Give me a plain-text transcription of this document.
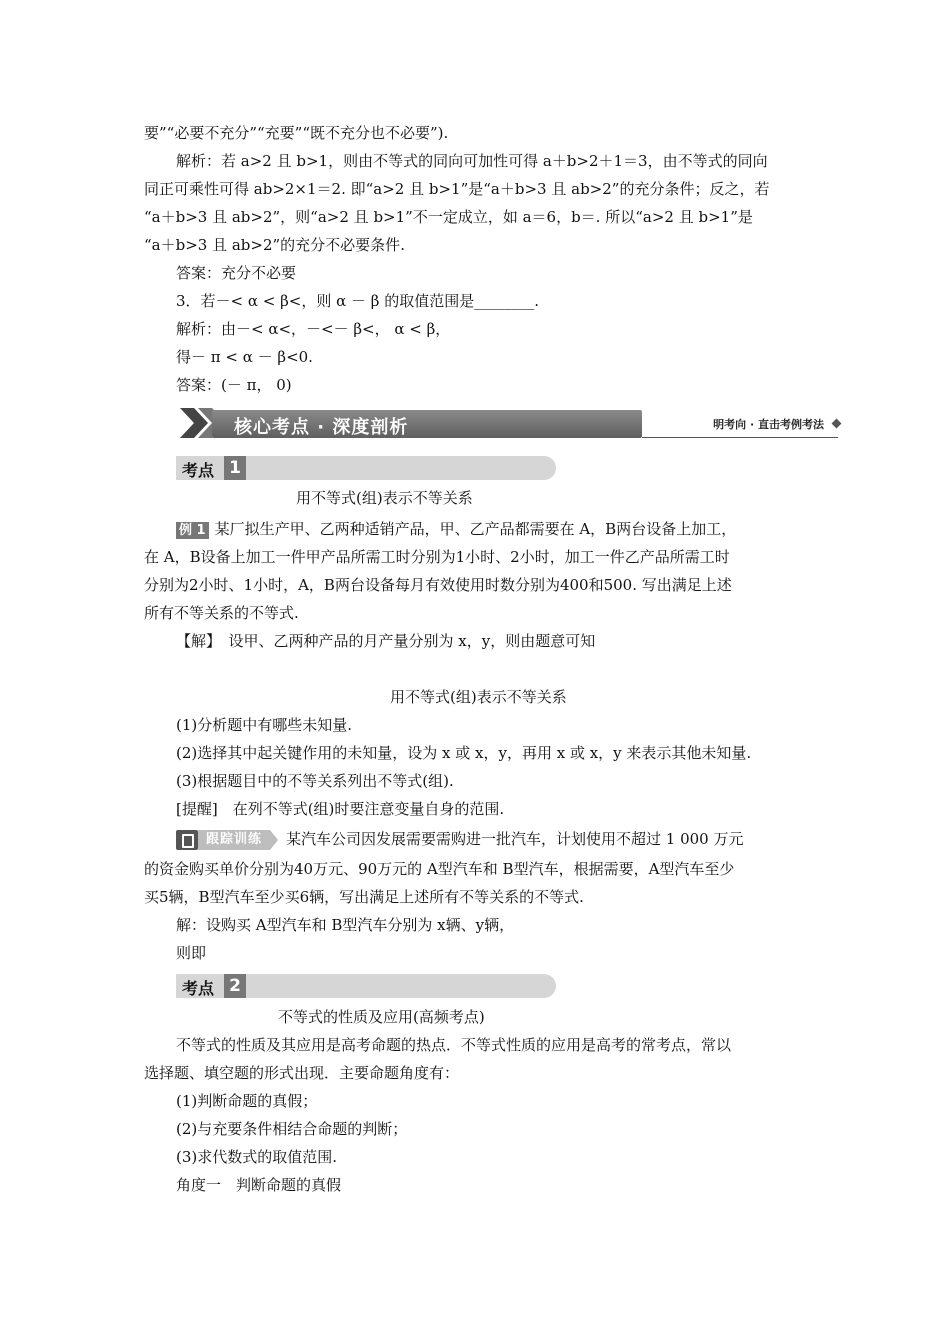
要”“必要不充分”“充要”“既不充分也不必要”).
解析：若 a>2 且 b>1，则由不等式的同向可加性可得 a＋b>2＋1＝3，由不等式的同向
同正可乘性可得 ab>2×1＝2. 即“a>2 且 b>1”是“a＋b>3 且 ab>2”的充分条件；反之，若
“a＋b>3 且 ab>2”，则“a>2 且 b>1”不一定成立，如 a＝6，b＝. 所以“a>2 且 b>1”是
“a＋b>3 且 ab>2”的充分不必要条件.
答案：充分不必要
3．若－< α < β<，则 α － β 的取值范围是________.
解析：由－< α<，－<－ β<， α < β，
得－ π < α － β<0.
答案：(－ π， 0)
核心考点 · 深度剖析	明考向 · 直击考例考法
考点 1
用不等式(组)表示不等关系
例 1 某厂拟生产甲、乙两种适销产品，甲、乙产品都需要在 A，B两台设备上加工，
在 A，B设备上加工一件甲产品所需工时分别为1小时、2小时，加工一件乙产品所需工时
分别为2小时、1小时，A，B两台设备每月有效使用时数分别为400和500. 写出满足上述
所有不等关系的不等式.
【解】　设甲、乙两种产品的月产量分别为 x，y，则由题意可知
用不等式(组)表示不等关系
(1)分析题中有哪些未知量.
(2)选择其中起关键作用的未知量，设为 x 或 x，y，再用 x 或 x，y 来表示其他未知量.
(3)根据题目中的不等关系列出不等式(组).
[提醒]　在列不等式(组)时要注意变量自身的范围.
跟踪训练	某汽车公司因发展需要需购进一批汽车，计划使用不超过 1 000 万元
的资金购买单价分别为40万元、90万元的 A型汽车和 B型汽车，根据需要，A型汽车至少
买5辆，B型汽车至少买6辆，写出满足上述所有不等关系的不等式.
解：设购买 A型汽车和 B型汽车分别为 x辆、y辆，
则即
考点 2
不等式的性质及应用(高频考点)
不等式的性质及其应用是高考命题的热点．不等式性质的应用是高考的常考点，常以
选择题、填空题的形式出现．主要命题角度有：
(1)判断命题的真假；
(2)与充要条件相结合命题的判断；
(3)求代数式的取值范围.
角度一　判断命题的真假
